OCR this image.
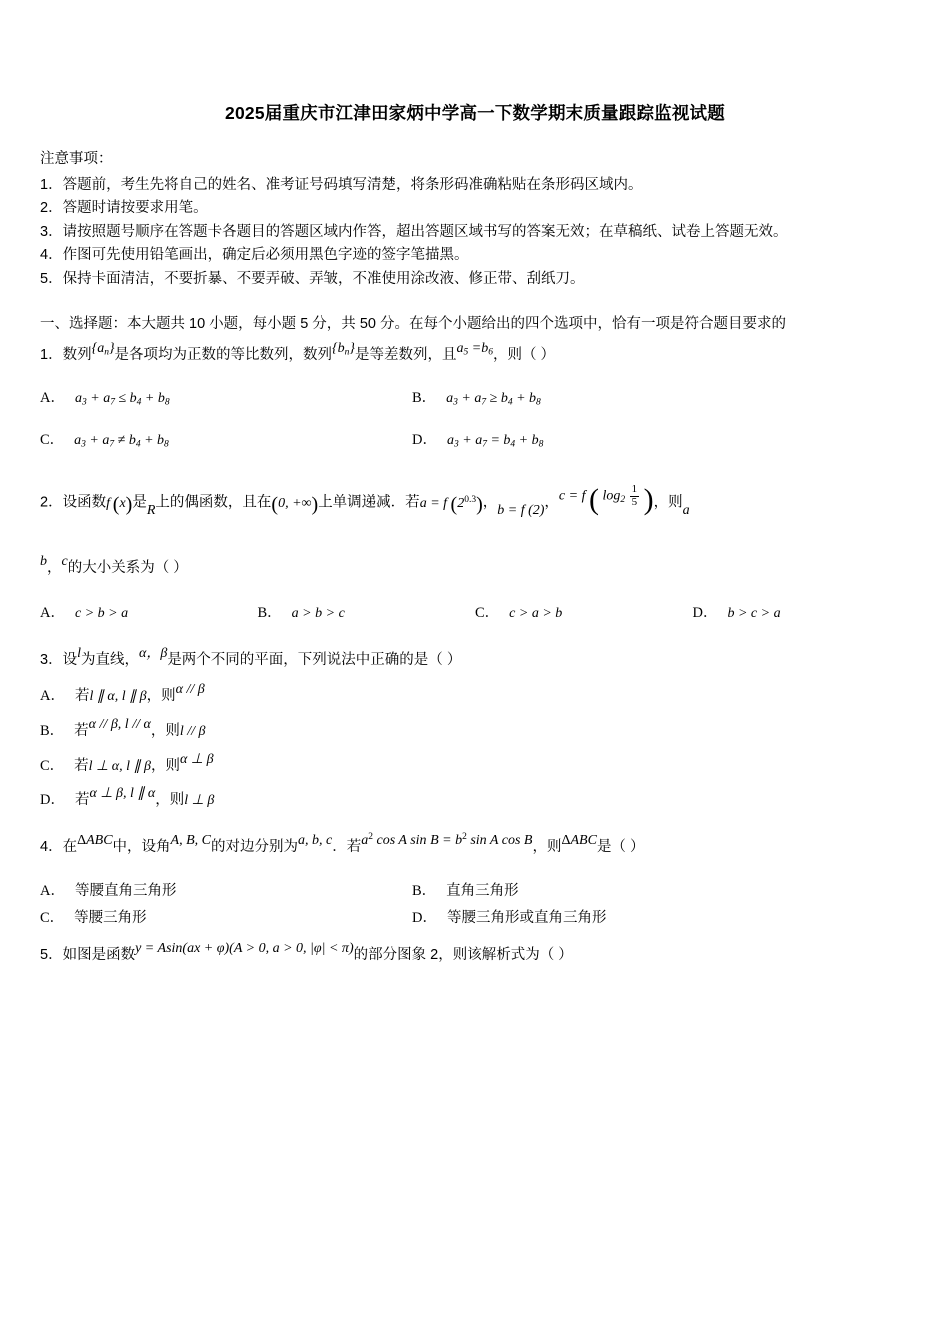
2025届重庆市江津田家炳中学高一下数学期末质量跟踪监视试题
注意事项：
1．答题前，考生先将自己的姓名、准考证号码填写清楚，将条形码准确粘贴在条形码区域内。
2．答题时请按要求用笔。
3．请按照题号顺序在答题卡各题目的答题区域内作答，超出答题区域书写的答案无效；在草稿纸、试卷上答题无效。
4．作图可先使用铅笔画出，确定后必须用黑色字迹的签字笔描黑。
5．保持卡面清洁，不要折暴、不要弄破、弄皱，不准使用涂改液、修正带、刮纸刀。
一、选择题：本大题共 10 小题，每小题 5 分，共 50 分。在每个小题给出的四个选项中，恰有一项是符合题目要求的
1．数列$\{a_n\}$是各项均为正数的等比数列，数列$\{b_n\}$是等差数列，且$a_5 =b_6$，则（ ）
A． $a_3 + a_7 \le b_4 + b_8$	B． $a_3 + a_7 \ge b_4 + b_8$
C． $a_3 + a_7 \ne b_4 + b_8$	D． $a_3 + a_7 = b_4 + b_8$
2．设函数f  (x)是R上的偶函数，且在(0, +∞)上单调递减．若a = f $(2^{0.3})$，b = f (2)，c = f ( $\log_2 \frac{1}{5}$ )，则a
b，c的大小关系为（ ）
A． c > b > a	B． a > b > c	C． c > a > b	D． b > c > a
3．设l为直线，α，β是两个不同的平面，下列说法中正确的是（ ）
A． 若l ∥ α, l ∥ β，则α // β
B． 若α // β, l // α，则l // β
C． 若l ⊥ α, l ∥ β，则α ⊥ β
D． 若α ⊥ β, l ∥ α，则l ⊥ β
4．在ΔABC中，设角A, B, C的对边分别为a, b, c．若$a^2$ cos A $\sin B = b^2$ sin A cos B，则ΔABC是（ ）
A． 等腰直角三角形	B． 直角三角形
C． 等腰三角形	D． 等腰三角形或直角三角形
5．如图是函数y = Asin(ax + φ)(A > 0, a > 0, |φ| < π)的部分图象 2，则该解析式为（ ）
